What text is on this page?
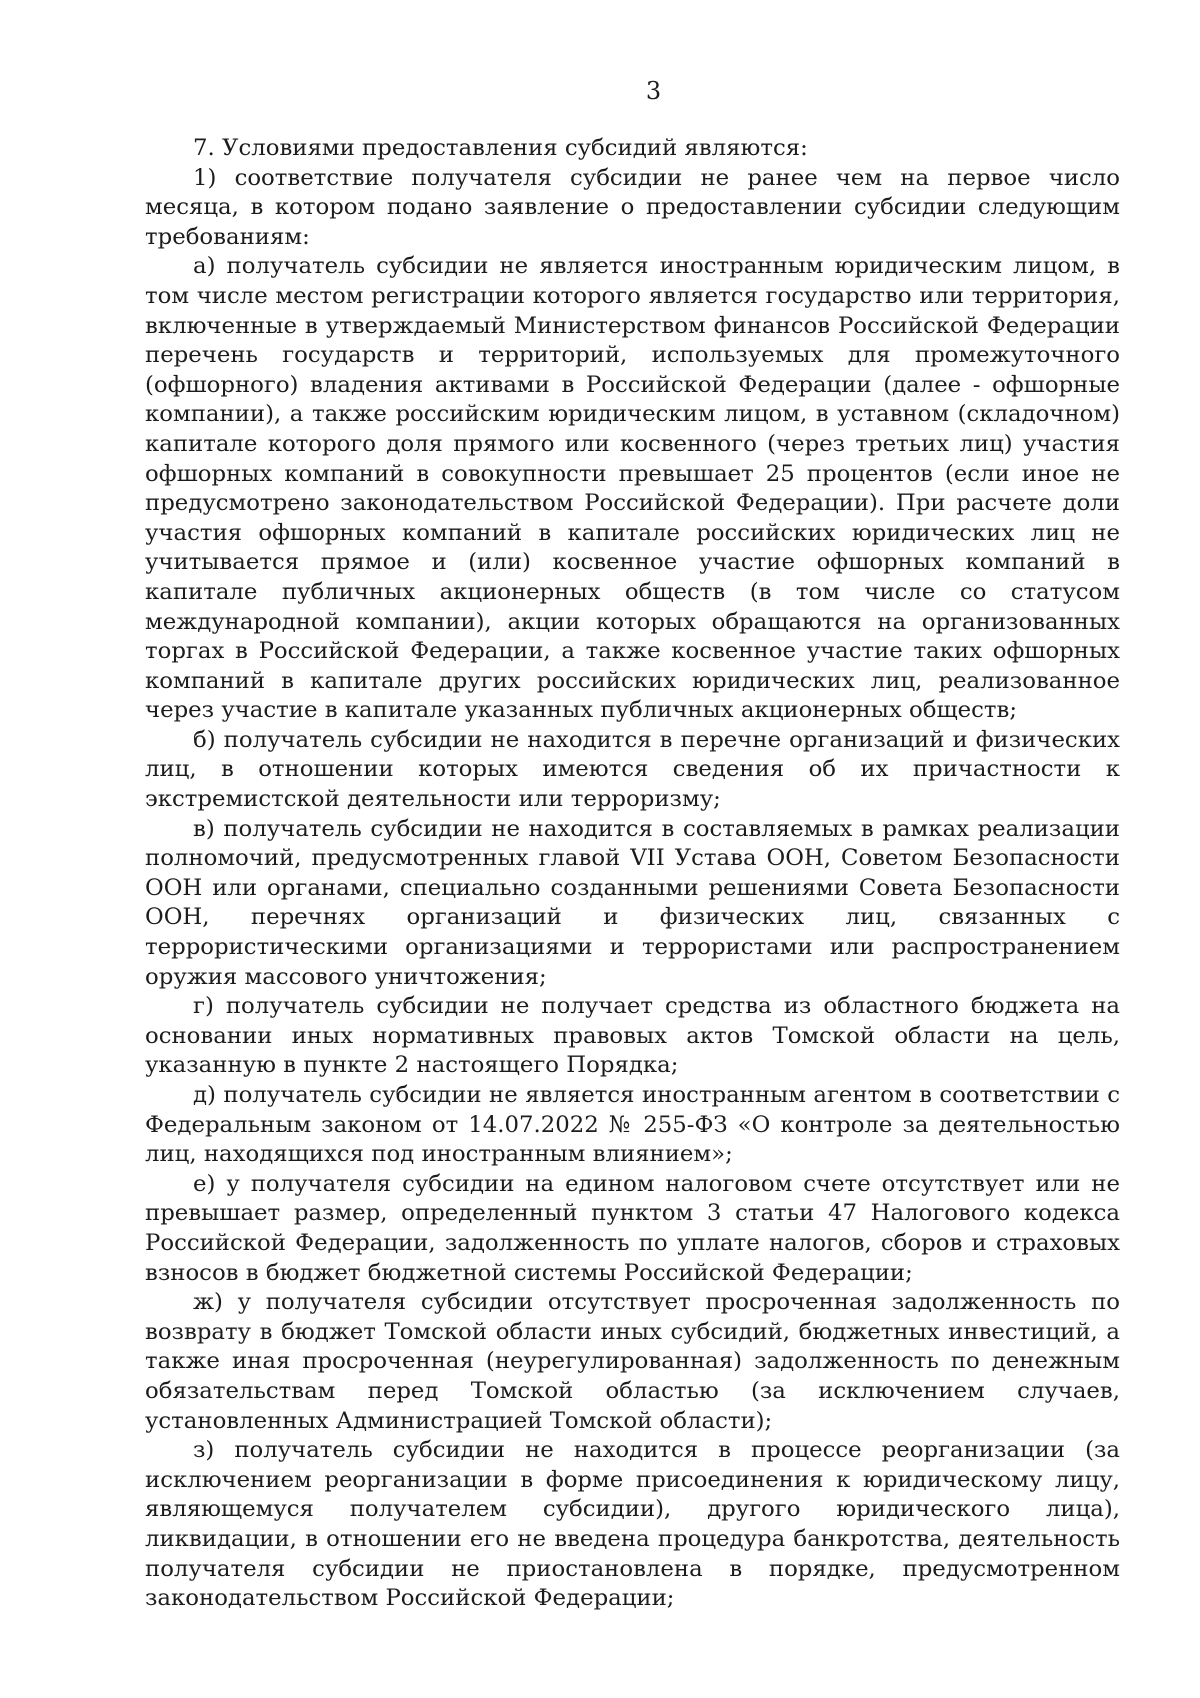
3

7. Условиями предоставления субсидий являются:

1) соответствие получателя субсидии не ранее чем на первое число месяца, в котором подано заявление о предоставлении субсидии следующим требованиям:

а) получатель субсидии не является иностранным юридическим лицом, в том числе местом регистрации которого является государство или территория, включенные в утверждаемый Министерством финансов Российской Федерации перечень государств и территорий, используемых для промежуточного (офшорного) владения активами в Российской Федерации (далее - офшорные компании), а также российским юридическим лицом, в уставном (складочном) капитале которого доля прямого или косвенного (через третьих лиц) участия офшорных компаний в совокупности превышает 25 процентов (если иное не предусмотрено законодательством Российской Федерации). При расчете доли участия офшорных компаний в капитале российских юридических лиц не учитывается прямое и (или) косвенное участие офшорных компаний в капитале публичных акционерных обществ (в том числе со статусом международной компании), акции которых обращаются на организованных торгах в Российской Федерации, а также косвенное участие таких офшорных компаний в капитале других российских юридических лиц, реализованное через участие в капитале указанных публичных акционерных обществ;

б) получатель субсидии не находится в перечне организаций и физических лиц, в отношении которых имеются сведения об их причастности к экстремистской деятельности или терроризму;

в) получатель субсидии не находится в составляемых в рамках реализации полномочий, предусмотренных главой VII Устава ООН, Советом Безопасности ООН или органами, специально созданными решениями Совета Безопасности ООН, перечнях организаций и физических лиц, связанных с террористическими организациями и террористами или распространением оружия массового уничтожения;

г) получатель субсидии не получает средства из областного бюджета на основании иных нормативных правовых актов Томской области на цель, указанную в пункте 2 настоящего Порядка;

д) получатель субсидии не является иностранным агентом в соответствии с Федеральным законом от 14.07.2022 № 255-ФЗ «О контроле за деятельностью лиц, находящихся под иностранным влиянием»;

е) у получателя субсидии на едином налоговом счете отсутствует или не превышает размер, определенный пунктом 3 статьи 47 Налогового кодекса Российской Федерации, задолженность по уплате налогов, сборов и страховых взносов в бюджет бюджетной системы Российской Федерации;

ж) у получателя субсидии отсутствует просроченная задолженность по возврату в бюджет Томской области иных субсидий, бюджетных инвестиций, а также иная просроченная (неурегулированная) задолженность по денежным обязательствам перед Томской областью (за исключением случаев, установленных Администрацией Томской области);

з) получатель субсидии не находится в процессе реорганизации (за исключением реорганизации в форме присоединения к юридическому лицу, являющемуся получателем субсидии), другого юридического лица), ликвидации, в отношении его не введена процедура банкротства, деятельность получателя субсидии не приостановлена в порядке, предусмотренном законодательством Российской Федерации;
